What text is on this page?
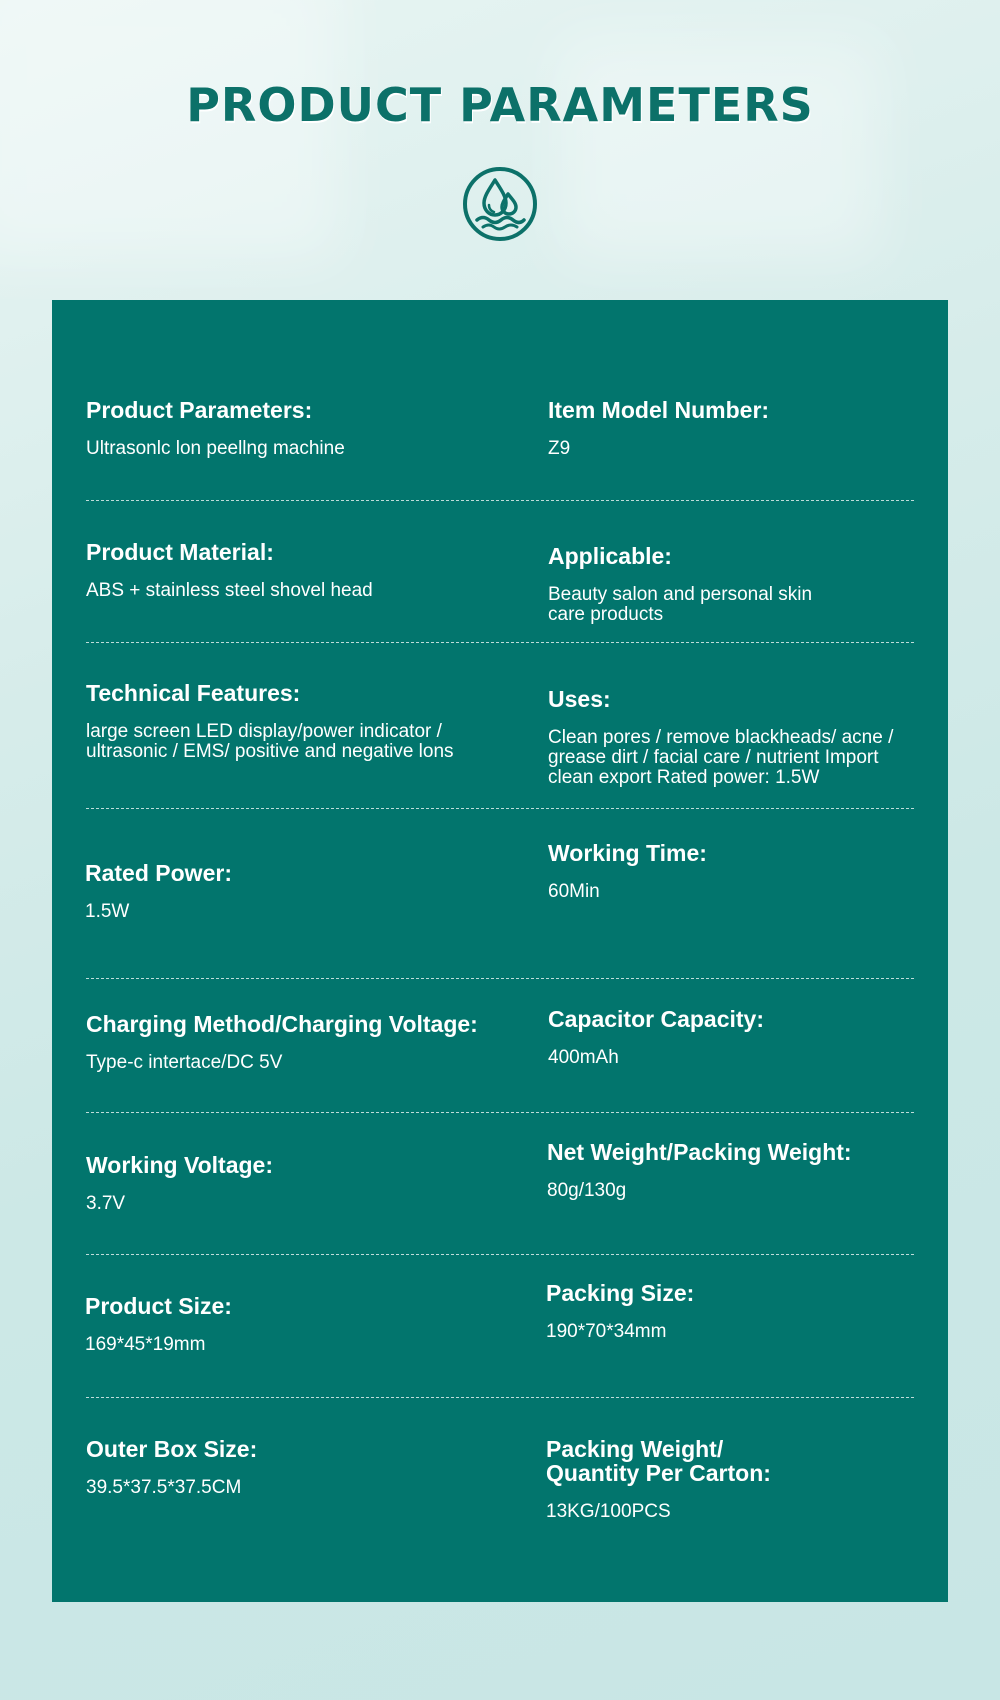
PRODUCT PARAMETERS

Product Parameters:

Ultrasonlc lon peellng machine

Item Model Number:

Z9

Product Material:

ABS + stainless steel shovel head

Applicable:

Beauty salon and personal skin
care products

Technical Features:

large screen LED display/power indicator /
ultrasonic / EMS/ positive and negative lons

Uses:

Clean pores / remove blackheads/ acne /
grease dirt / facial care / nutrient Import
clean export Rated power: 1.5W

Rated Power:

1.5W

Working Time:

60Min

Charging Method/Charging Voltage:

Type-c intertace/DC 5V

Capacitor Capacity:

400mAh

Working Voltage:

3.7V

Net Weight/Packing Weight:

80g/130g

Product Size:

169*45*19mm

Packing Size:

190*70*34mm

Outer Box Size:

39.5*37.5*37.5CM

Packing Weight/
Quantity Per Carton:

13KG/100PCS
